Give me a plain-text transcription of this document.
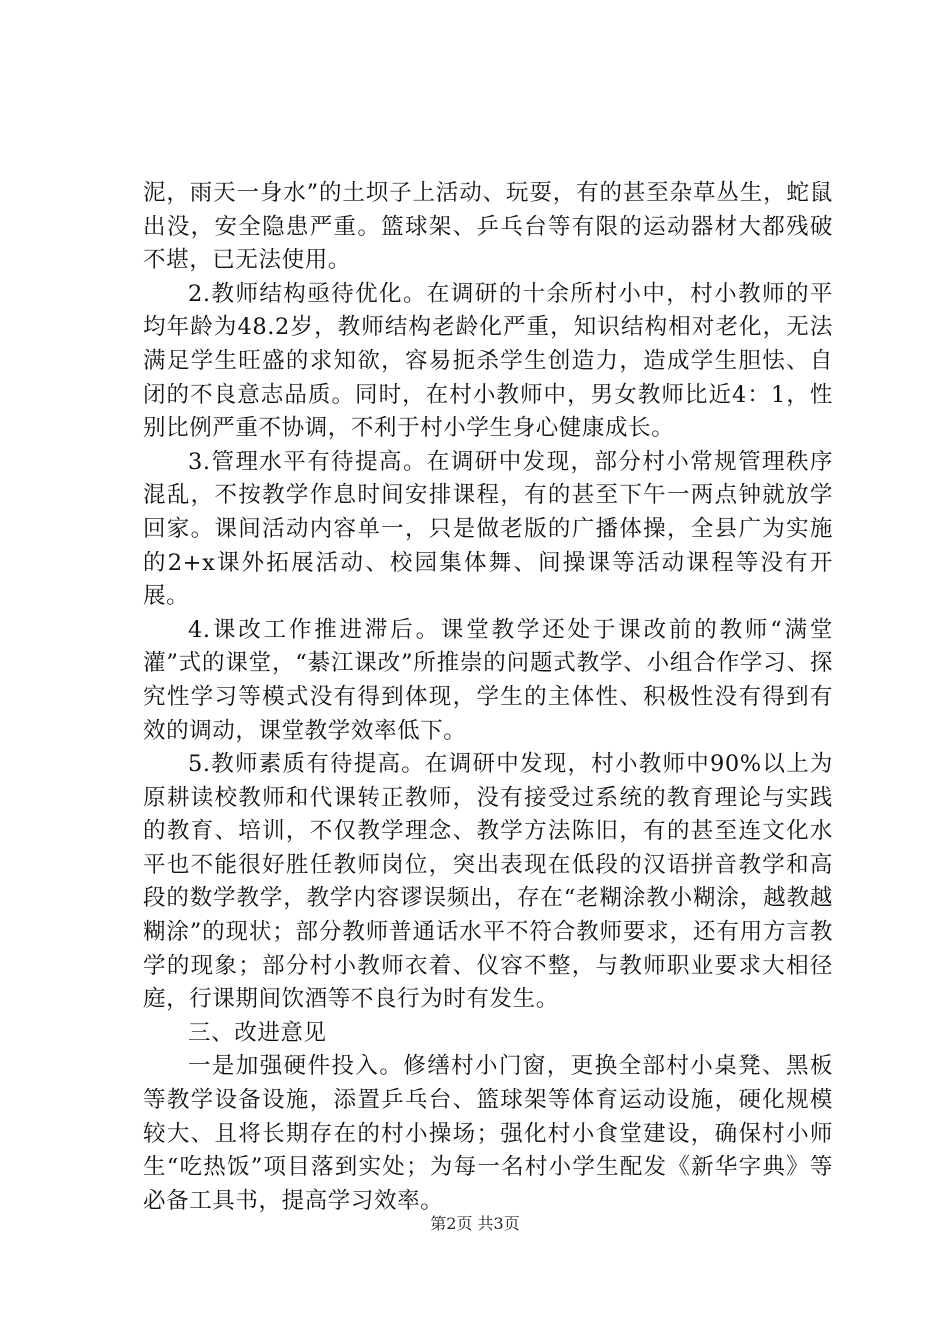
泥，雨天一身水”的土坝子上活动、玩耍，有的甚至杂草丛生，蛇鼠出没，安全隐患严重。篮球架、乒乓台等有限的运动器材大都残破不堪，已无法使用。

2.教师结构亟待优化。在调研的十余所村小中，村小教师的平均年龄为48.2岁，教师结构老龄化严重，知识结构相对老化，无法满足学生旺盛的求知欲，容易扼杀学生创造力，造成学生胆怯、自闭的不良意志品质。同时，在村小教师中，男女教师比近4：1，性别比例严重不协调，不利于村小学生身心健康成长。

3.管理水平有待提高。在调研中发现，部分村小常规管理秩序混乱，不按教学作息时间安排课程，有的甚至下午一两点钟就放学回家。课间活动内容单一，只是做老版的广播体操，全县广为实施的2+x课外拓展活动、校园集体舞、间操课等活动课程等没有开展。

4.课改工作推进滞后。课堂教学还处于课改前的教师“满堂灌”式的课堂，“綦江课改”所推崇的问题式教学、小组合作学习、探究性学习等模式没有得到体现，学生的主体性、积极性没有得到有效的调动，课堂教学效率低下。

5.教师素质有待提高。在调研中发现，村小教师中90%以上为原耕读校教师和代课转正教师，没有接受过系统的教育理论与实践的教育、培训，不仅教学理念、教学方法陈旧，有的甚至连文化水平也不能很好胜任教师岗位，突出表现在低段的汉语拼音教学和高段的数学教学，教学内容谬误频出，存在“老糊涂教小糊涂，越教越糊涂”的现状；部分教师普通话水平不符合教师要求，还有用方言教学的现象；部分村小教师衣着、仪容不整，与教师职业要求大相径庭，行课期间饮酒等不良行为时有发生。

三、改进意见

一是加强硬件投入。修缮村小门窗，更换全部村小桌凳、黑板等教学设备设施，添置乒乓台、篮球架等体育运动设施，硬化规模较大、且将长期存在的村小操场；强化村小食堂建设，确保村小师生“吃热饭”项目落到实处；为每一名村小学生配发《新华字典》等必备工具书，提高学习效率。

第2页 共3页
